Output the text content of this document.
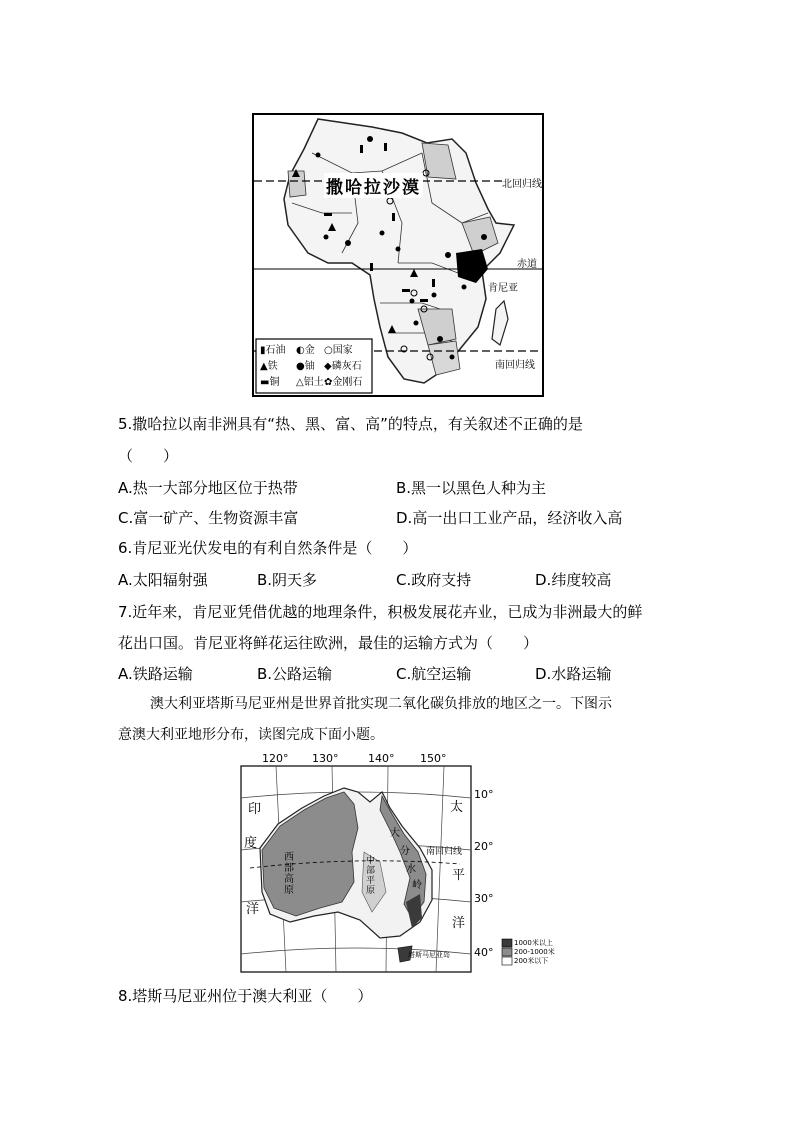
撒哈拉沙漠	北回归线
赤道
肯尼亚
南回归线
▮石油	◐金 ○国家
▲铁	●铀 ◆磷灰石
▬铜	△铝土 ✿金刚石
5.撒哈拉以南非洲具有“热、黑、富、高”的特点，有关叙述不正确的是
（　　）
A.热一大部分地区位于热带	B.黑一以黑色人种为主
C.富一矿产、生物资源丰富	D.高一出口工业产品，经济收入高
6.肯尼亚光伏发电的有利自然条件是（　　）
A.太阳辐射强	B.阴天多	C.政府支持	D.纬度较高
7.近年来，肯尼亚凭借优越的地理条件，积极发展花卉业，已成为非洲最大的鲜
花出口国。肯尼亚将鲜花运往欧洲，最佳的运输方式为（　　）
A.铁路运输	B.公路运输	C.航空运输	D.水路运输
澳大利亚塔斯马尼亚州是世界首批实现二氧化碳负排放的地区之一。下图示
意澳大利亚地形分布，读图完成下面小题。
120° 130°	140° 150°
10°
20°
30°
40°
印
度
洋
太
平
洋
南回归线
西部高原
中部平原
大
分
水
岭
塔斯马尼亚岛
1000米以上
200-1000米
200米以下
8.塔斯马尼亚州位于澳大利亚（　　）
